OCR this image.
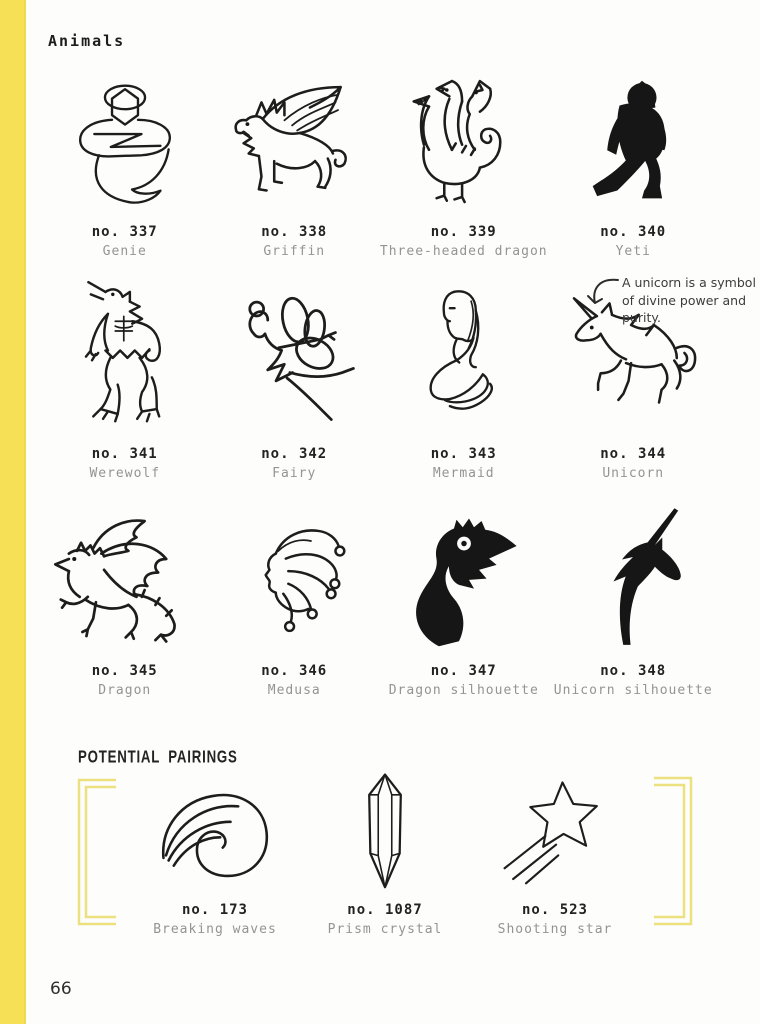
Animals
no. 337
Genie
no. 338
Griffin
no. 339
Three-headed dragon
no. 340
Yeti
no. 341
Werewolf
no. 342
Fairy
no. 343
Mermaid
no. 344
Unicorn
A unicorn is a symbol of divine power and purity.
no. 345
Dragon
no. 346
Medusa
no. 347
Dragon silhouette
no. 348
Unicorn silhouette
POTENTIAL PAIRINGS
no. 173
Breaking waves
no. 1087
Prism crystal
no. 523
Shooting star
66
